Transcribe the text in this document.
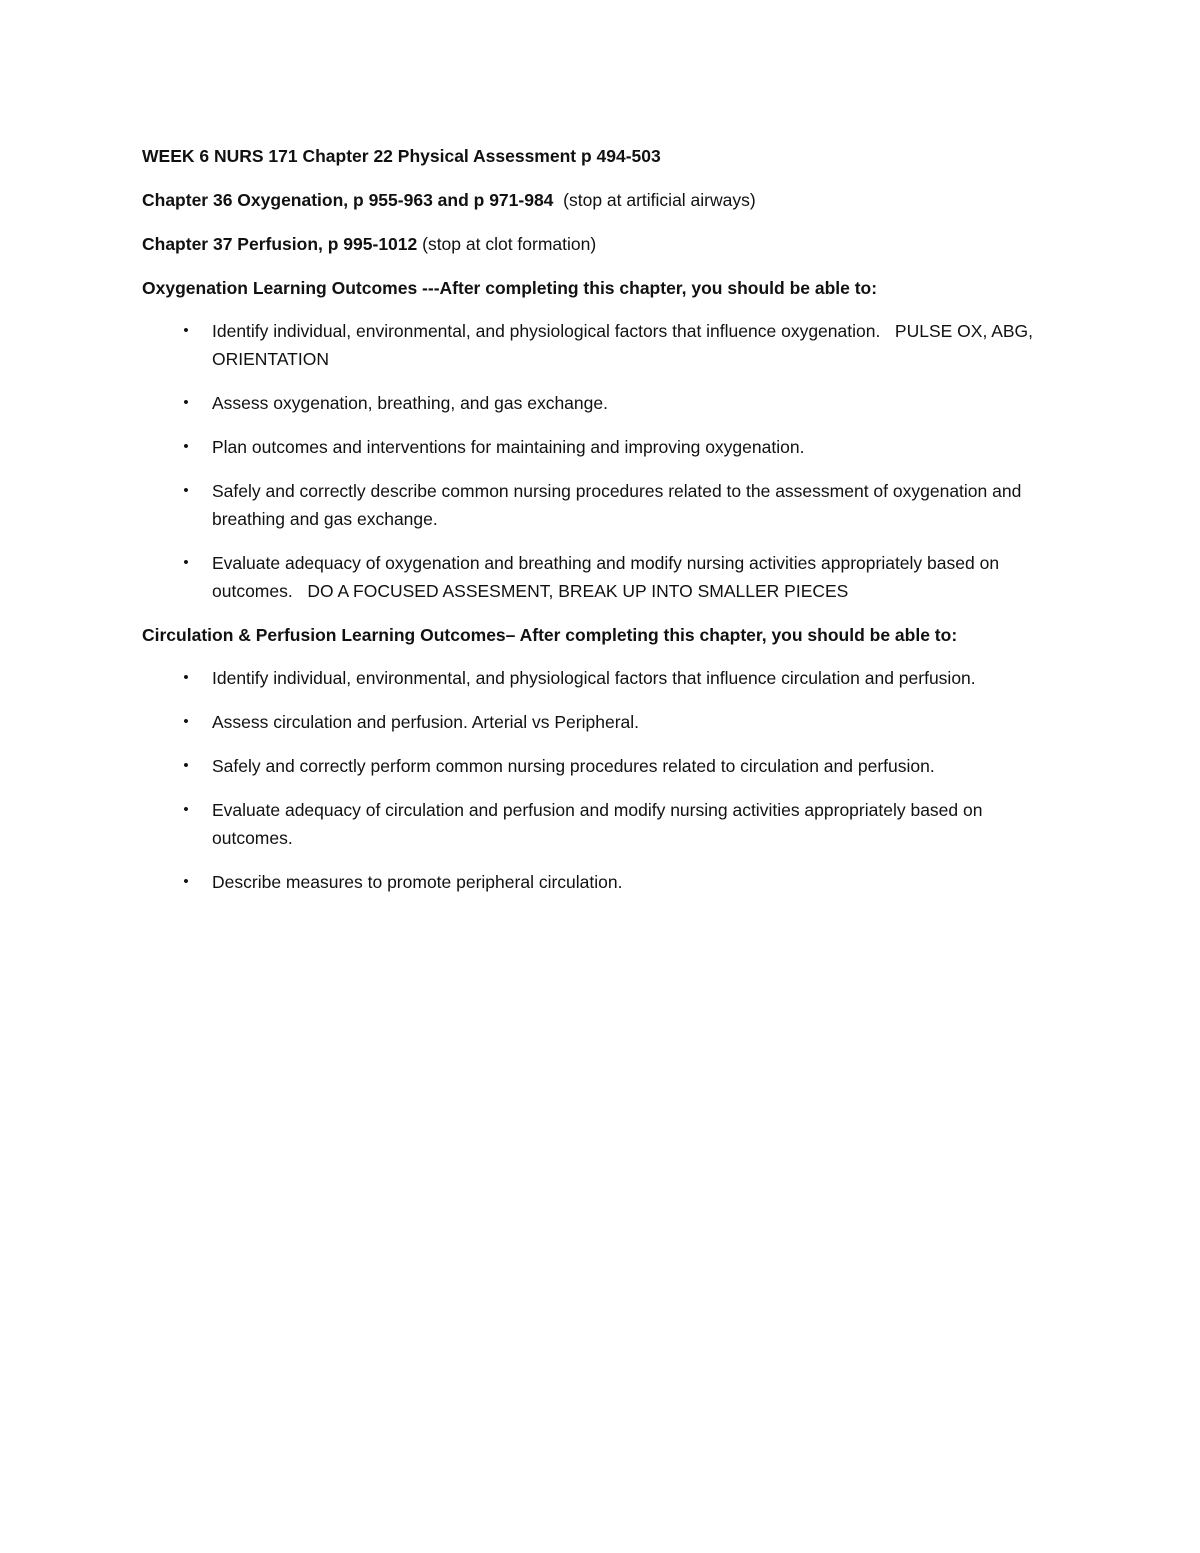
WEEK 6 NURS 171 Chapter 22 Physical Assessment p 494-503

Chapter 36 Oxygenation, p 955-963 and p 971-984  (stop at artificial airways)

Chapter 37 Perfusion, p 995-1012 (stop at clot formation)

Oxygenation Learning Outcomes ---After completing this chapter, you should be able to:

•	Identify individual, environmental, and physiological factors that influence oxygenation.   PULSE OX, ABG, ORIENTATION
•	Assess oxygenation, breathing, and gas exchange.
•	Plan outcomes and interventions for maintaining and improving oxygenation.
•	Safely and correctly describe common nursing procedures related to the assessment of oxygenation and breathing and gas exchange.
•	Evaluate adequacy of oxygenation and breathing and modify nursing activities appropriately based on outcomes.   DO A FOCUSED ASSESMENT, BREAK UP INTO SMALLER PIECES

Circulation & Perfusion Learning Outcomes– After completing this chapter, you should be able to:

•	Identify individual, environmental, and physiological factors that influence circulation and perfusion.
•	Assess circulation and perfusion. Arterial vs Peripheral.
•	Safely and correctly perform common nursing procedures related to circulation and perfusion.
•	Evaluate adequacy of circulation and perfusion and modify nursing activities appropriately based on outcomes.
•	Describe measures to promote peripheral circulation.
